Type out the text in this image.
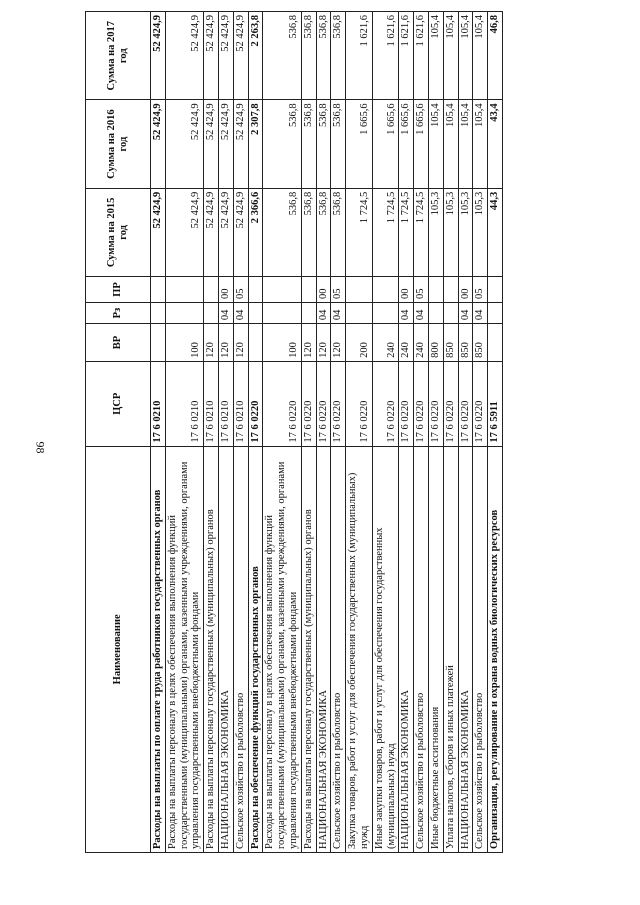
98
Наименование	ЦСР	ВР	Рз	ПР	Сумма на 2015 год	Сумма на 2016 год	Сумма на 2017 год
Расходы на выплаты по оплате труда работников государственных органов	17 6 0210				52 424,9	52 424,9	52 424,9
Расходы на выплаты персоналу в целях обеспечения выполнения функций государственными (муниципальными) органами, казенными учреждениями, органами управления государственными внебюджетными фондами	17 6 0210	100			52 424,9	52 424,9	52 424,9
Расходы на выплаты персоналу государственных (муниципальных) органов	17 6 0210	120			52 424,9	52 424,9	52 424,9
НАЦИОНАЛЬНАЯ ЭКОНОМИКА	17 6 0210	120	04	00	52 424,9	52 424,9	52 424,9
Сельское хозяйство и рыболовство	17 6 0210	120	04	05	52 424,9	52 424,9	52 424,9
Расходы на обеспечение функций государственных органов	17 6 0220				2 366,6	2 307,8	2 263,8
Расходы на выплаты персоналу в целях обеспечения выполнения функций государственными (муниципальными) органами, казенными учреждениями, органами управления государственными внебюджетными фондами	17 6 0220	100			536,8	536,8	536,8
Расходы на выплаты персоналу государственных (муниципальных) органов	17 6 0220	120			536,8	536,8	536,8
НАЦИОНАЛЬНАЯ ЭКОНОМИКА	17 6 0220	120	04	00	536,8	536,8	536,8
Сельское хозяйство и рыболовство	17 6 0220	120	04	05	536,8	536,8	536,8
Закупка товаров, работ и услуг для обеспечения государственных (муниципальных) нужд	17 6 0220	200			1 724,5	1 665,6	1 621,6
Иные закупки товаров, работ и услуг для обеспечения государственных (муниципальных) нужд	17 6 0220	240			1 724,5	1 665,6	1 621,6
НАЦИОНАЛЬНАЯ ЭКОНОМИКА	17 6 0220	240	04	00	1 724,5	1 665,6	1 621,6
Сельское хозяйство и рыболовство	17 6 0220	240	04	05	1 724,5	1 665,6	1 621,6
Иные бюджетные ассигнования	17 6 0220	800			105,3	105,4	105,4
Уплата налогов, сборов и иных платежей	17 6 0220	850			105,3	105,4	105,4
НАЦИОНАЛЬНАЯ ЭКОНОМИКА	17 6 0220	850	04	00	105,3	105,4	105,4
Сельское хозяйство и рыболовство	17 6 0220	850	04	05	105,3	105,4	105,4
Организация, регулирование и охрана водных биологических ресурсов	17 6 5911				44,3	43,4	46,8
